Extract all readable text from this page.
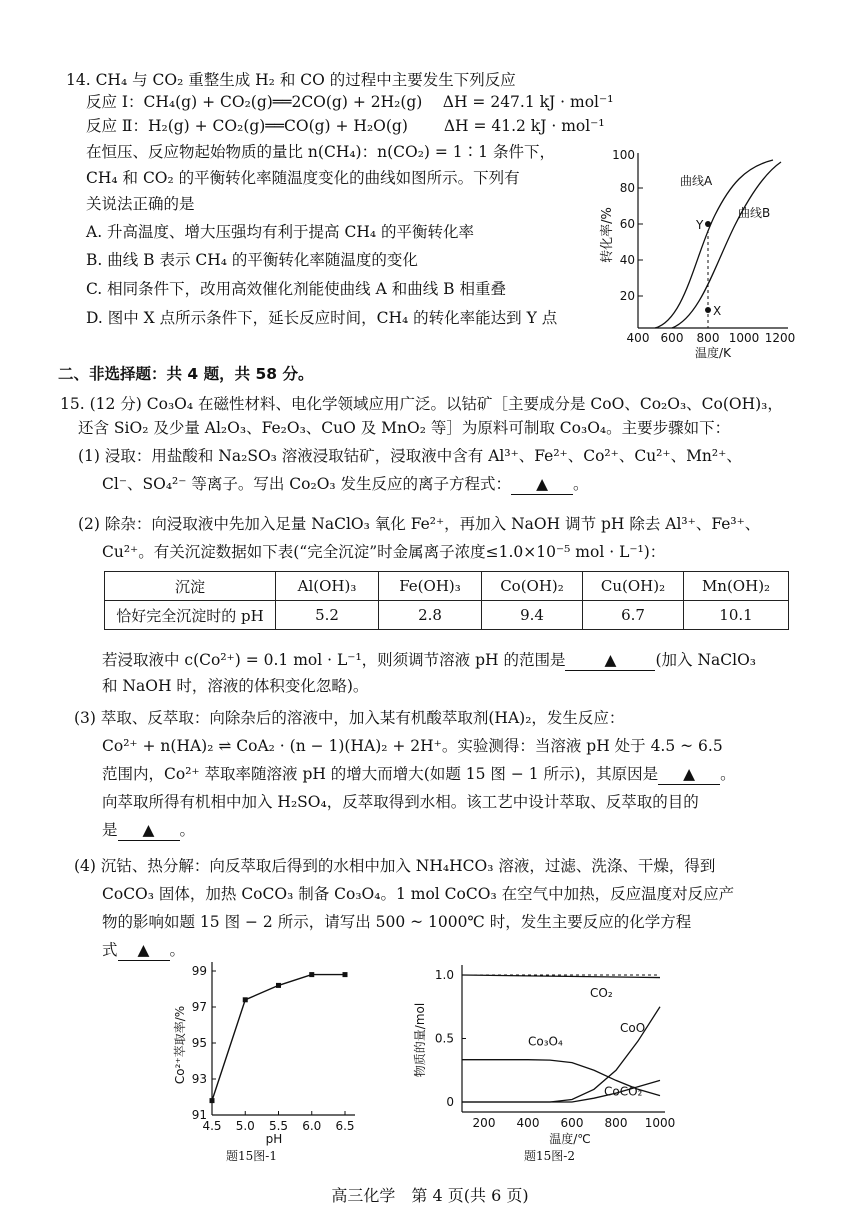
14. CH₄ 与 CO₂ 重整生成 H₂ 和 CO 的过程中主要发生下列反应
反应 Ⅰ：CH₄(g) + CO₂(g)══2CO(g) + 2H₂(g)　 ΔH = 247.1 kJ · mol⁻¹
反应 Ⅱ：H₂(g) + CO₂(g)══CO(g) + H₂O(g)　　 ΔH = 41.2 kJ · mol⁻¹
在恒压、反应物起始物质的量比 n(CH₄)：n(CO₂) = 1∶1 条件下，
CH₄ 和 CO₂ 的平衡转化率随温度变化的曲线如图所示。下列有
关说法正确的是
A. 升高温度、增大压强均有利于提高 CH₄ 的平衡转化率
B. 曲线 B 表示 CH₄ 的平衡转化率随温度的变化
C. 相同条件下，改用高效催化剂能使曲线 A 和曲线 B 相重叠
D. 图中 X 点所示条件下，延长反应时间，CH₄ 的转化率能达到 Y 点
转化率/%
20
40
60
80
100
400 600 800 1000 1200
温度/K
Y
X
曲线A
曲线B
二、非选择题：共 4 题，共 58 分。
15. (12 分) Co₃O₄ 在磁性材料、电化学领域应用广泛。以钴矿［主要成分是 CoO、Co₂O₃、Co(OH)₃，
还含 SiO₂ 及少量 Al₂O₃、Fe₂O₃、CuO 及 MnO₂ 等］为原料可制取 Co₃O₄。主要步骤如下：
(1) 浸取：用盐酸和 Na₂SO₃ 溶液浸取钴矿，浸取液中含有 Al³⁺、Fe²⁺、Co²⁺、Cu²⁺、Mn²⁺、
Cl⁻、SO₄²⁻ 等离子。写出 Co₂O₃ 发生反应的离子方程式： ▲ 。
(2) 除杂：向浸取液中先加入足量 NaClO₃ 氧化 Fe²⁺，再加入 NaOH 调节 pH 除去 Al³⁺、Fe³⁺、
Cu²⁺。有关沉淀数据如下表(“完全沉淀”时金属离子浓度≤1.0×10⁻⁵ mol · L⁻¹)：
沉淀	Al(OH)₃	Fe(OH)₃	Co(OH)₂	Cu(OH)₂	Mn(OH)₂
恰好完全沉淀时的 pH	5.2	2.8	9.4	6.7	10.1
若浸取液中 c(Co²⁺) = 0.1 mol · L⁻¹，则须调节溶液 pH 的范围是	▲	(加入 NaClO₃
和 NaOH 时，溶液的体积变化忽略)。
(3) 萃取、反萃取：向除杂后的溶液中，加入某有机酸萃取剂(HA)₂，发生反应：
Co²⁺ + n(HA)₂ ⇌ CoA₂ · (n − 1)(HA)₂ + 2H⁺。实验测得：当溶液 pH 处于 4.5 ~ 6.5
范围内，Co²⁺ 萃取率随溶液 pH 的增大而增大(如题 15 图 − 1 所示)，其原因是 ▲ 。
向萃取所得有机相中加入 H₂SO₄，反萃取得到水相。该工艺中设计萃取、反萃取的目的
是 ▲ 。
(4) 沉钴、热分解：向反萃取后得到的水相中加入 NH₄HCO₃ 溶液，过滤、洗涤、干燥，得到
CoCO₃ 固体，加热 CoCO₃ 制备 Co₃O₄。1 mol CoCO₃ 在空气中加热，反应温度对反应产
物的影响如题 15 图 − 2 所示，请写出 500 ~ 1000℃ 时，发生主要反应的化学方程
式 ▲ 。
Co²⁺萃取率/%
91
93
95
97
99
4.5 5.0 5.5 6.0 6.5
pH
题15图-1
物质的量/mol
0
0.5
1.0
200 400 600 800 1000
温度/℃
CO₂
Co₃O₄
CoO
CoCO₂
题15图-2
高三化学　第 4 页(共 6 页)
